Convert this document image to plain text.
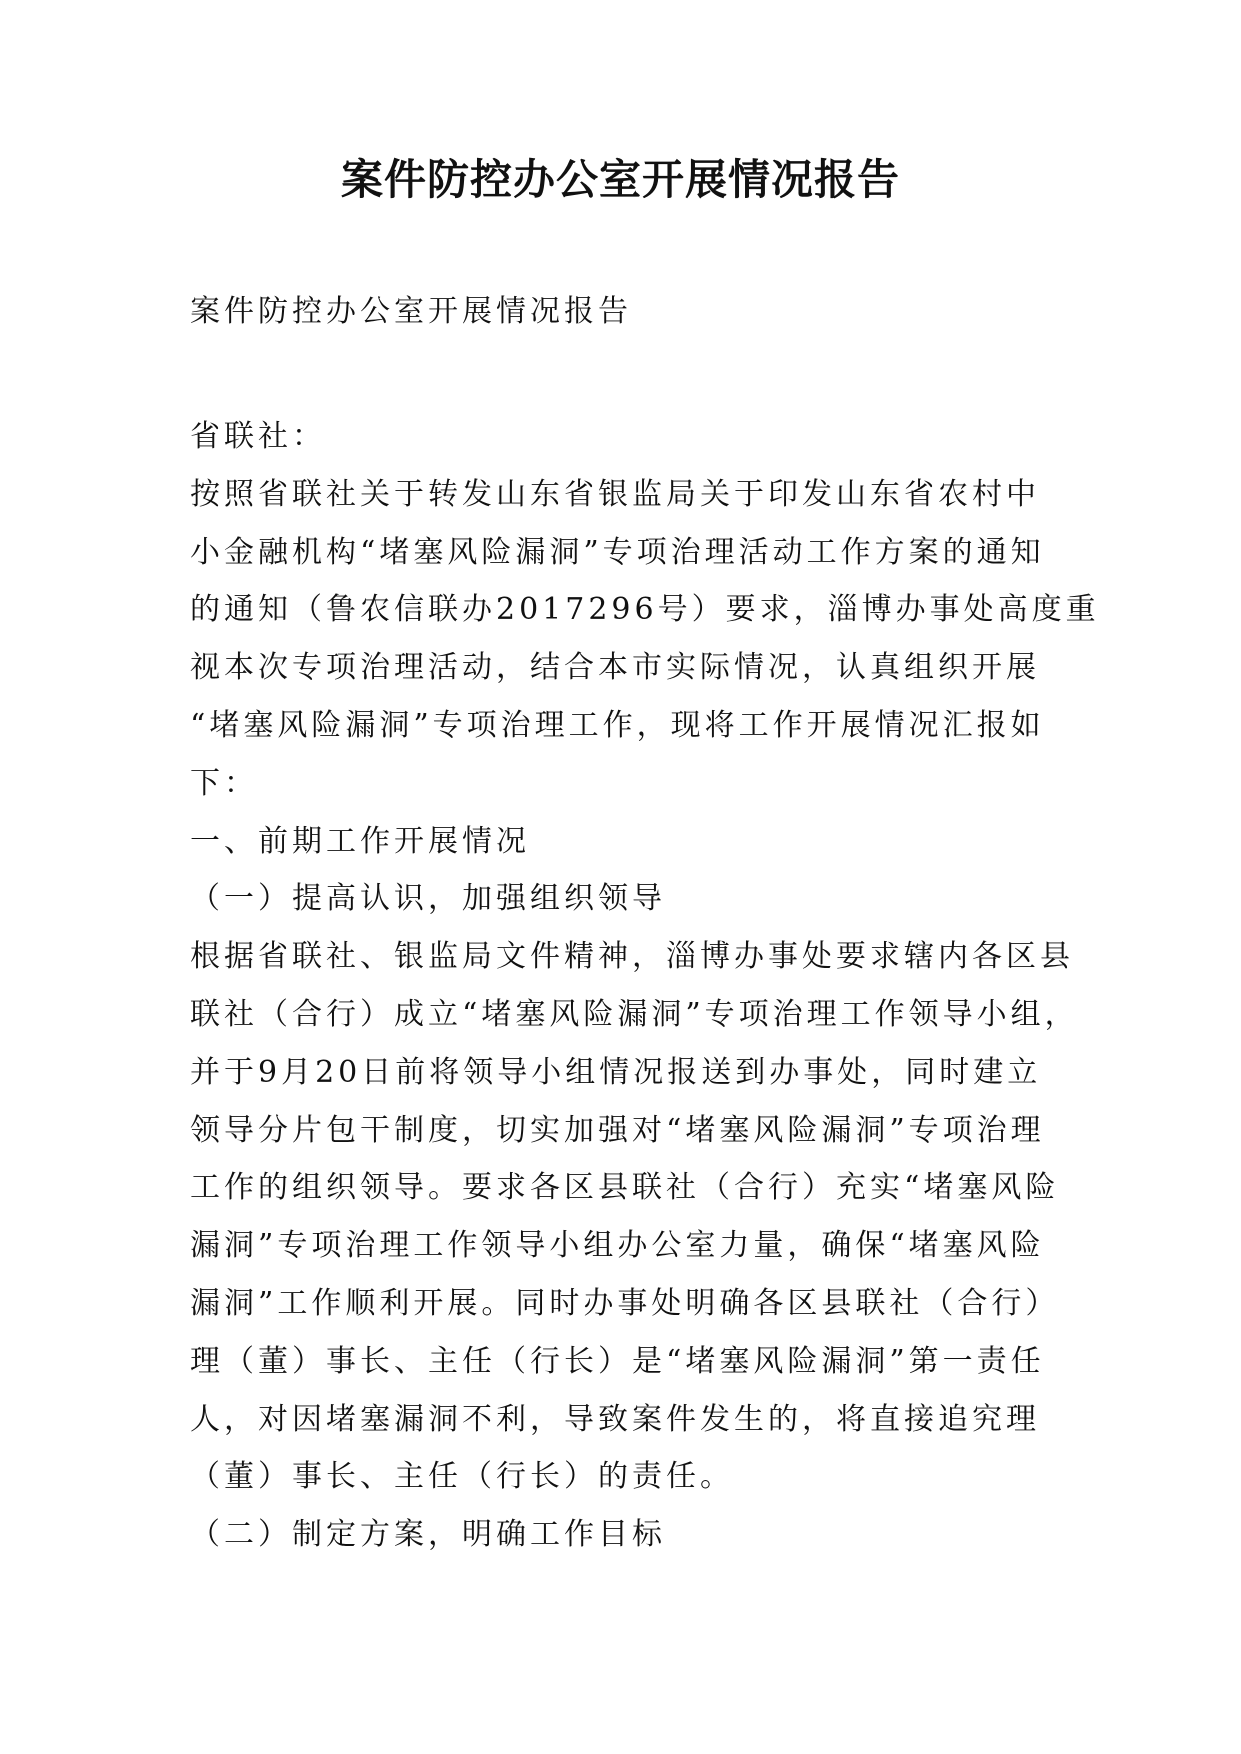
案件防控办公室开展情况报告
案件防控办公室开展情况报告
省联社：
按照省联社关于转发山东省银监局关于印发山东省农村中
小金融机构“堵塞风险漏洞”专项治理活动工作方案的通知
的通知（鲁农信联办2017296号）要求，淄博办事处高度重
视本次专项治理活动，结合本市实际情况，认真组织开展
“堵塞风险漏洞”专项治理工作，现将工作开展情况汇报如
下：
一、前期工作开展情况
（一）提高认识，加强组织领导
根据省联社、银监局文件精神，淄博办事处要求辖内各区县
联社（合行）成立“堵塞风险漏洞”专项治理工作领导小组，
并于9月20日前将领导小组情况报送到办事处，同时建立
领导分片包干制度，切实加强对“堵塞风险漏洞”专项治理
工作的组织领导。要求各区县联社（合行）充实“堵塞风险
漏洞”专项治理工作领导小组办公室力量，确保“堵塞风险
漏洞”工作顺利开展。同时办事处明确各区县联社（合行）
理（董）事长、主任（行长）是“堵塞风险漏洞”第一责任
人，对因堵塞漏洞不利，导致案件发生的，将直接追究理
（董）事长、主任（行长）的责任。
（二）制定方案，明确工作目标
